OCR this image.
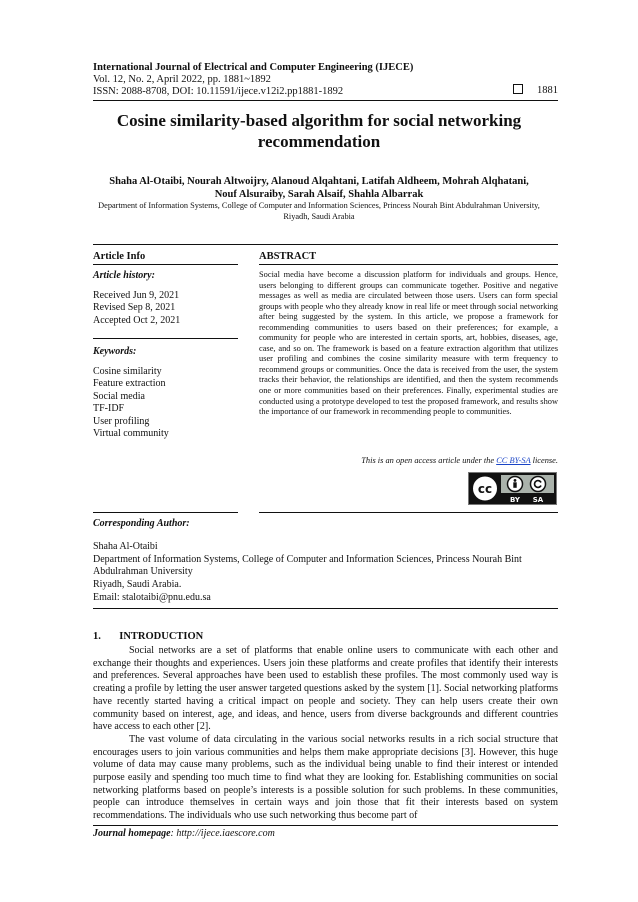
International Journal of Electrical and Computer Engineering (IJECE)
Vol. 12, No. 2, April 2022, pp. 1881~1892
ISSN: 2088-8708, DOI: 10.11591/ijece.v12i2.pp1881-1892	1881
Cosine similarity-based algorithm for social networking
recommendation
Shaha Al-Otaibi, Nourah Altwoijry, Alanoud Alqahtani, Latifah Aldheem, Mohrah Alqhatani,
Nouf Alsuraiby, Sarah Alsaif, Shahla Albarrak
Department of Information Systems, College of Computer and Information Sciences, Princess Nourah Bint Abdulrahman University,
Riyadh, Saudi Arabia
Article Info	ABSTRACT
Article history:
Received Jun 9, 2021
Revised Sep 8, 2021
Accepted Oct 2, 2021
Keywords:
Cosine similarity
Feature extraction
Social media
TF-IDF
User profiling
Virtual community
Social media have become a discussion platform for individuals and groups. Hence, users belonging to different groups can communicate together. Positive and negative messages as well as media are circulated between those users. Users can form special groups with people who they already know in real life or meet through social networking after being suggested by the system. In this article, we propose a framework for recommending communities to users based on their preferences; for example, a community for people who are interested in certain sports, art, hobbies, diseases, age, case, and so on. The framework is based on a feature extraction algorithm that utilizes user profiling and combines the cosine similarity measure with term frequency to recommend groups or communities. Once the data is received from the user, the system tracks their behavior, the relationships are identified, and then the system recommends one or more communities based on their preferences. Finally, experimental studies are conducted using a prototype developed to test the proposed framework, and results show the importance of our framework in recommending people to communities.
This is an open access article under the CC BY-SA license.
cc
BY SA
Corresponding Author:
Shaha Al-Otaibi
Department of Information Systems, College of Computer and Information Sciences, Princess Nourah Bint
Abdulrahman University
Riyadh, Saudi Arabia.
Email: stalotaibi@pnu.edu.sa
1.       INTRODUCTION

Social networks are a set of platforms that enable online users to communicate with each other and exchange their thoughts and experiences. Users join these platforms and create profiles that identify their interests and preferences. Several approaches have been used to establish these profiles. The most commonly used way is creating a profile by letting the user answer targeted questions asked by the system [1]. Social networking platforms have recently started having a critical impact on people and society. They can help users create their own community based on interest, age, and ideas, and hence, users from diverse backgrounds and different countries have access to each other [2].

The vast volume of data circulating in the various social networks results in a rich social structure that encourages users to join various communities and helps them make appropriate decisions [3]. However, this huge volume of data may cause many problems, such as the individual being unable to find their interest or intended purpose easily and spending too much time to find what they are looking for. Establishing communities on social networking platforms based on people’s interests is a possible solution for such problems. In these communities, people can introduce themselves in certain ways and join those that fit their interests based on system recommendations. The individuals who use such networking thus become part of

Journal homepage: http://ijece.iaescore.com
